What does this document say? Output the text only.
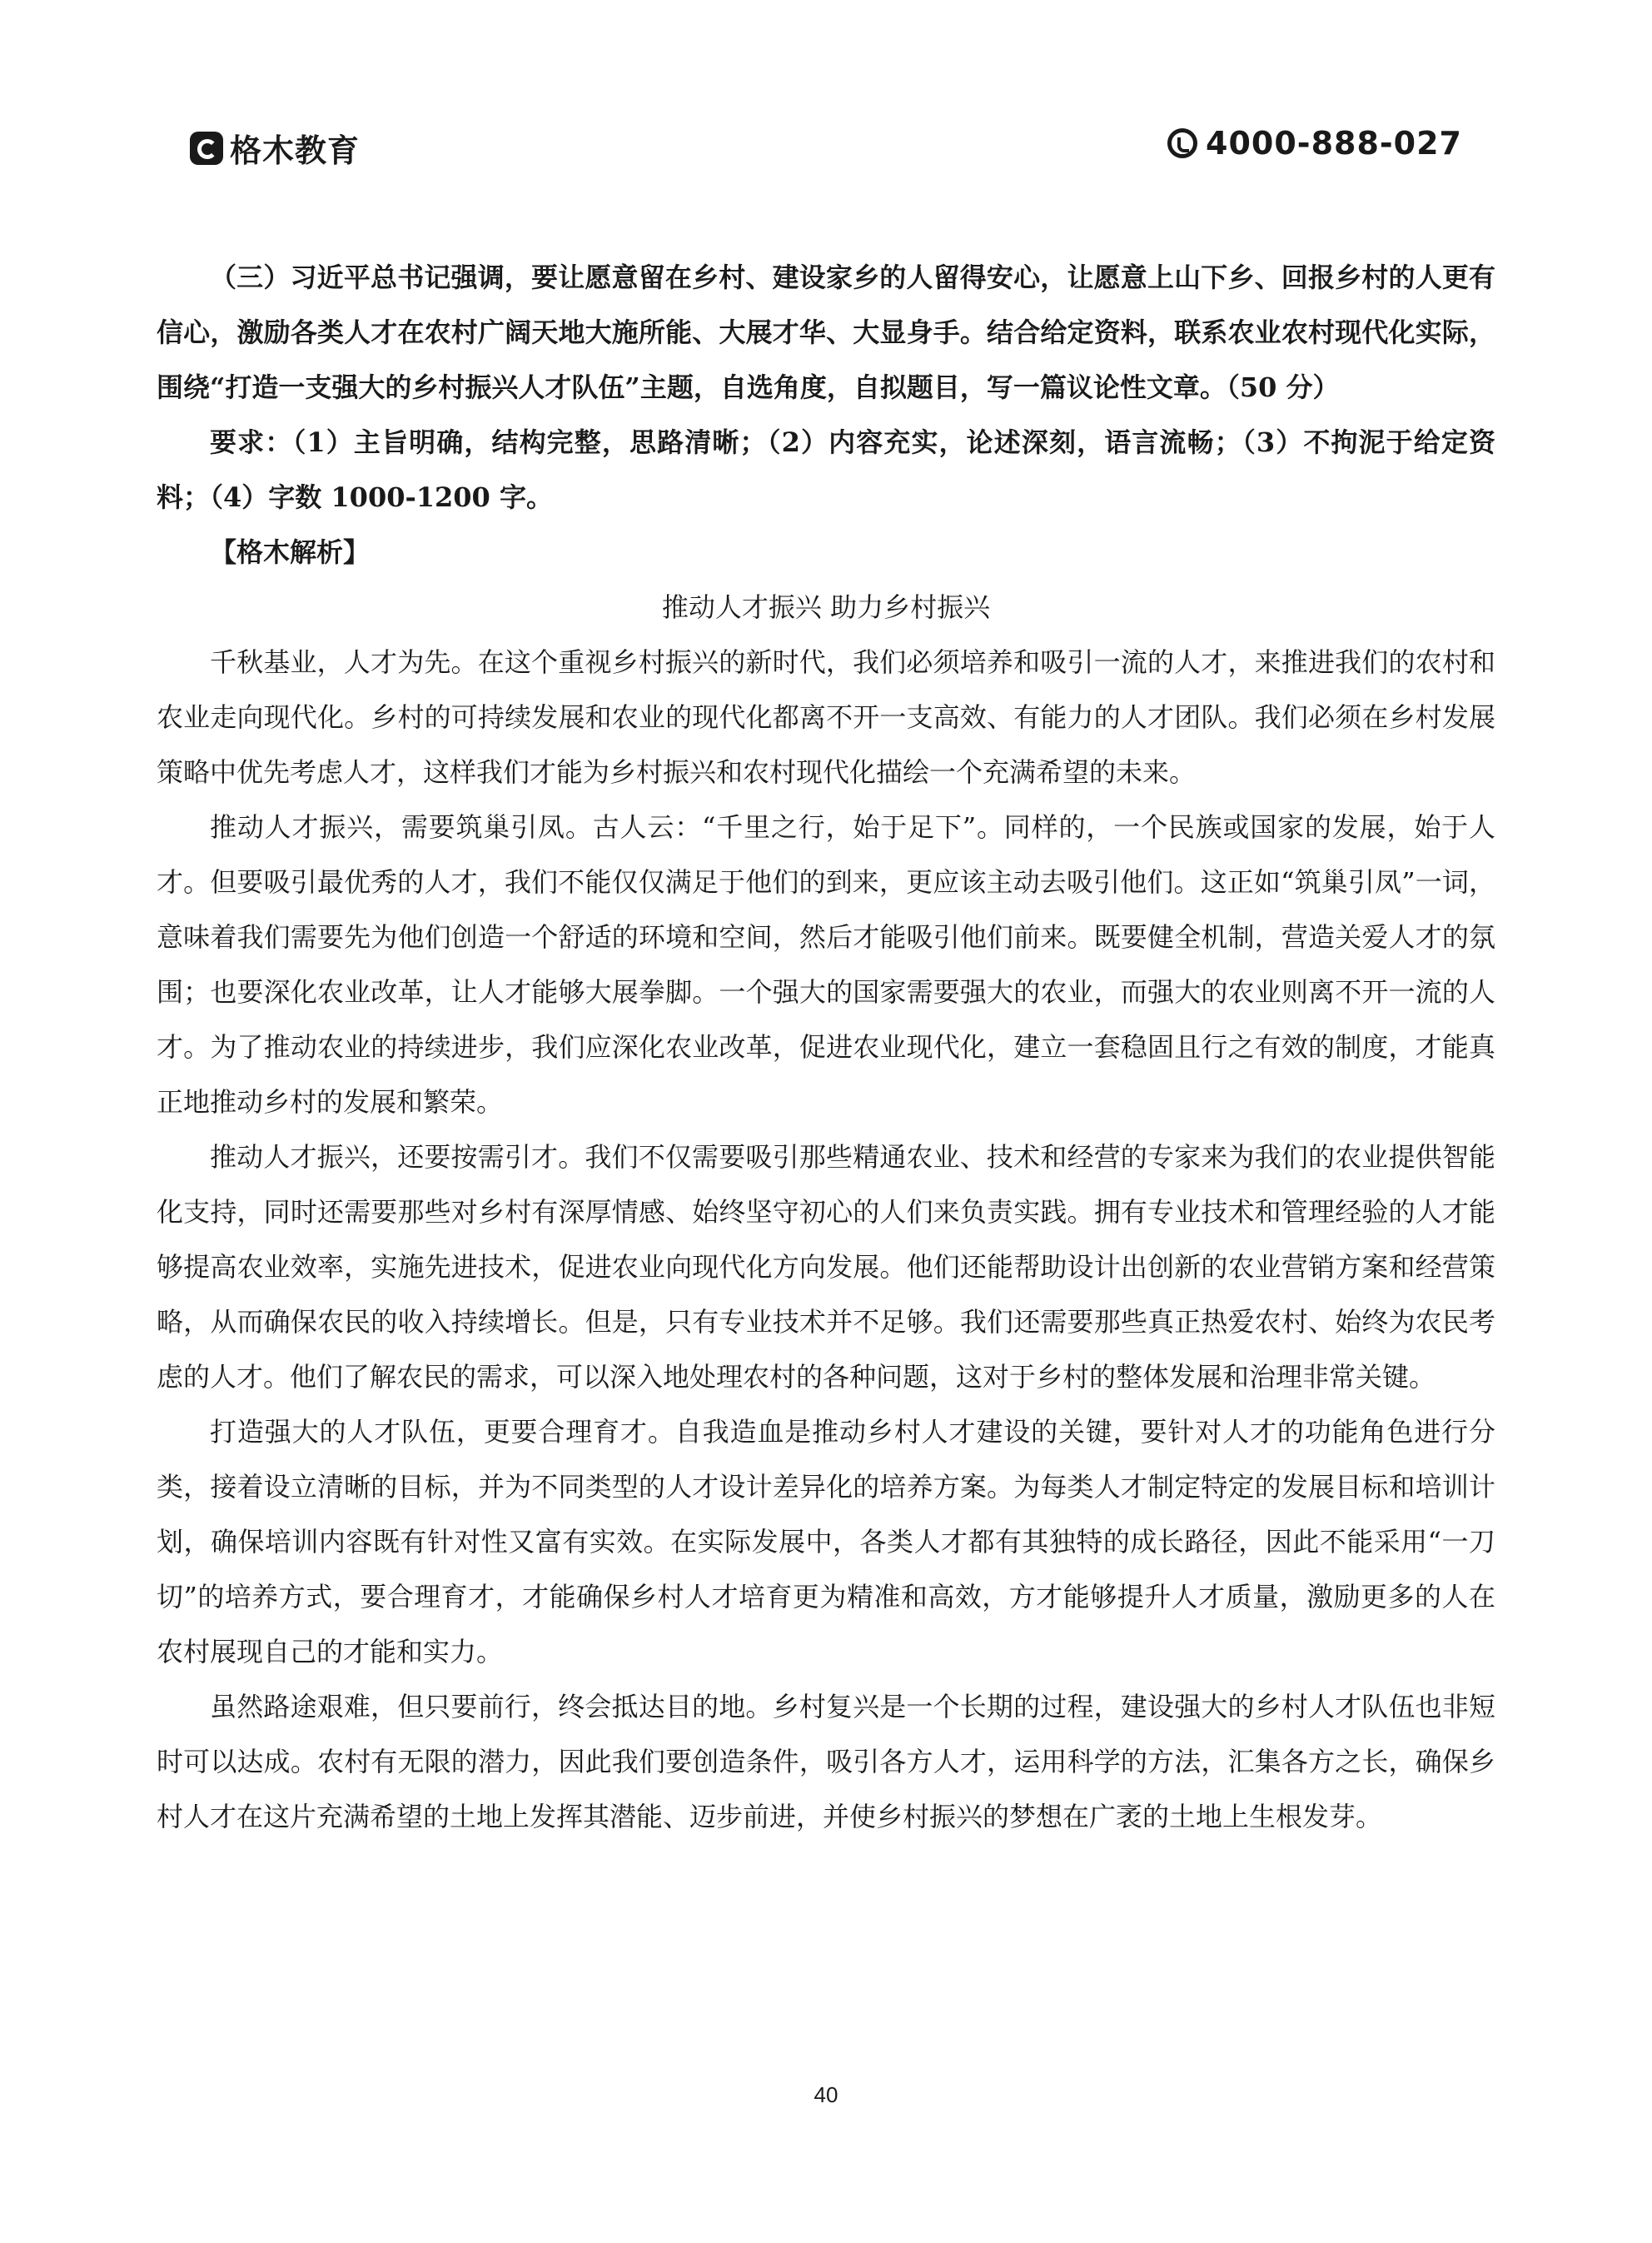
格木教育	4000-888-027

（三）习近平总书记强调，要让愿意留在乡村、建设家乡的人留得安心，让愿意上山下乡、回报乡村的人更有信心，激励各类人才在农村广阔天地大施所能、大展才华、大显身手。结合给定资料，联系农业农村现代化实际，围绕“打造一支强大的乡村振兴人才队伍”主题，自选角度，自拟题目，写一篇议论性文章。（50 分）

要求：（1）主旨明确，结构完整，思路清晰；（2）内容充实，论述深刻，语言流畅；（3）不拘泥于给定资料；（4）字数 1000-1200 字。

【格木解析】

推动人才振兴 助力乡村振兴

千秋基业，人才为先。在这个重视乡村振兴的新时代，我们必须培养和吸引一流的人才，来推进我们的农村和农业走向现代化。乡村的可持续发展和农业的现代化都离不开一支高效、有能力的人才团队。我们必须在乡村发展策略中优先考虑人才，这样我们才能为乡村振兴和农村现代化描绘一个充满希望的未来。

推动人才振兴，需要筑巢引凤。古人云：“千里之行，始于足下”。同样的，一个民族或国家的发展，始于人才。但要吸引最优秀的人才，我们不能仅仅满足于他们的到来，更应该主动去吸引他们。这正如“筑巢引凤”一词，意味着我们需要先为他们创造一个舒适的环境和空间，然后才能吸引他们前来。既要健全机制，营造关爱人才的氛围；也要深化农业改革，让人才能够大展拳脚。一个强大的国家需要强大的农业，而强大的农业则离不开一流的人才。为了推动农业的持续进步，我们应深化农业改革，促进农业现代化，建立一套稳固且行之有效的制度，才能真正地推动乡村的发展和繁荣。

推动人才振兴，还要按需引才。我们不仅需要吸引那些精通农业、技术和经营的专家来为我们的农业提供智能化支持，同时还需要那些对乡村有深厚情感、始终坚守初心的人们来负责实践。拥有专业技术和管理经验的人才能够提高农业效率，实施先进技术，促进农业向现代化方向发展。他们还能帮助设计出创新的农业营销方案和经营策略，从而确保农民的收入持续增长。但是，只有专业技术并不足够。我们还需要那些真正热爱农村、始终为农民考虑的人才。他们了解农民的需求，可以深入地处理农村的各种问题，这对于乡村的整体发展和治理非常关键。

打造强大的人才队伍，更要合理育才。自我造血是推动乡村人才建设的关键，要针对人才的功能角色进行分类，接着设立清晰的目标，并为不同类型的人才设计差异化的培养方案。为每类人才制定特定的发展目标和培训计划，确保培训内容既有针对性又富有实效。在实际发展中，各类人才都有其独特的成长路径，因此不能采用“一刀切”的培养方式，要合理育才，才能确保乡村人才培育更为精准和高效，方才能够提升人才质量，激励更多的人在农村展现自己的才能和实力。

虽然路途艰难，但只要前行，终会抵达目的地。乡村复兴是一个长期的过程，建设强大的乡村人才队伍也非短时可以达成。农村有无限的潜力，因此我们要创造条件，吸引各方人才，运用科学的方法，汇集各方之长，确保乡村人才在这片充满希望的土地上发挥其潜能、迈步前进，并使乡村振兴的梦想在广袤的土地上生根发芽。

40
